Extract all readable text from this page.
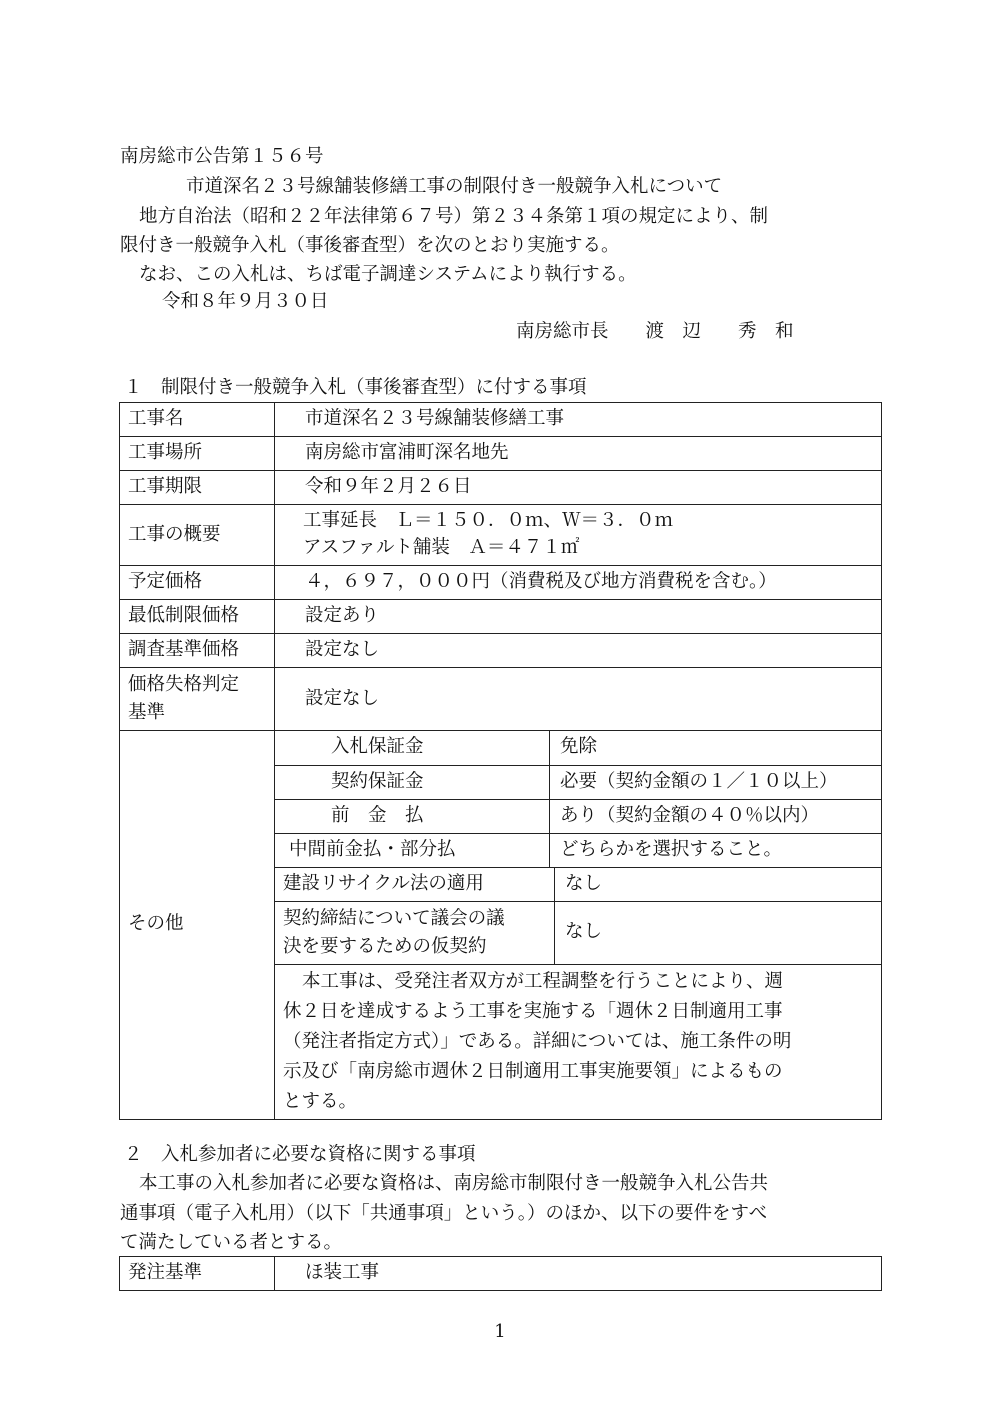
南房総市公告第１５６号
市道深名２３号線舗装修繕工事の制限付き一般競争入札について
地方自治法（昭和２２年法律第６７号）第２３４条第１項の規定により、制
限付き一般競争入札（事後審査型）を次のとおり実施する。
なお、この入札は、ちば電子調達システムにより執行する。
令和８年９月３０日
南房総市長　　渡　辺　　秀　和
１　制限付き一般競争入札（事後審査型）に付する事項
工事名	市道深名２３号線舗装修繕工事
工事場所	南房総市富浦町深名地先
工事期限	令和９年２月２６日
工事の概要	
工事延長　Ｌ＝１５０．０ｍ、Ｗ＝３．０ｍ
アスファルト舗装　Ａ＝４７１㎡

予定価格	４，６９７，０００円（消費税及び地方消費税を含む。）
最低制限価格	設定あり
調査基準価格	設定なし

価格失格判定
基準
	設定なし
その他	
入札保証金	免除
契約保証金	必要（契約金額の１／１０以上）
前　金　払	あり（契約金額の４０％以内）
中間前金払・部分払	どちらかを選択すること。
建設リサイクル法の適用	なし

契約締結について議会の議
決を要するための仮契約
	なし

本工事は、受発注者双方が工程調整を行うことにより、週
休２日を達成するよう工事を実施する「週休２日制適用工事
（発注者指定方式）」である。詳細については、施工条件の明
示及び「南房総市週休２日制適用工事実施要領」によるもの
とする。
２　入札参加者に必要な資格に関する事項
本工事の入札参加者に必要な資格は、南房総市制限付き一般競争入札公告共
通事項（電子入札用）（以下「共通事項」という。）のほか、以下の要件をすべ
て満たしている者とする。
発注基準	ほ装工事
1
